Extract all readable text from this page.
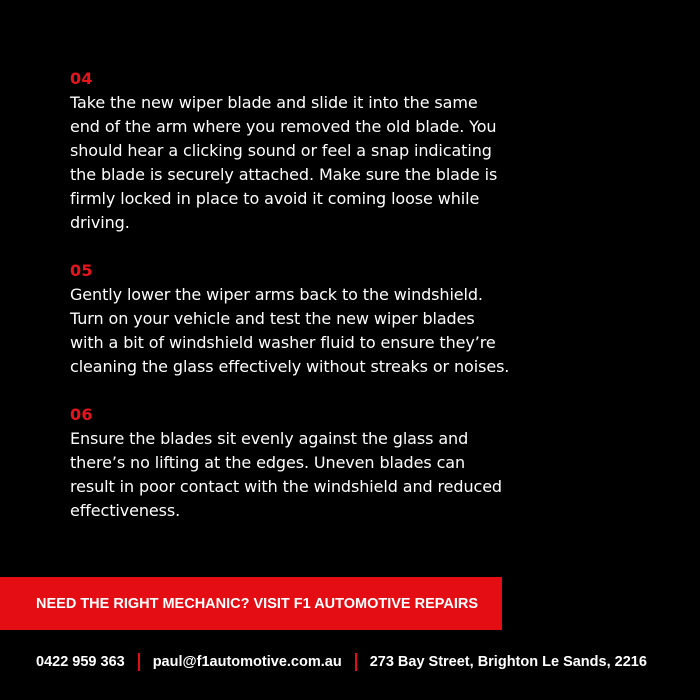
04
Take the new wiper blade and slide it into the same end of the arm where you removed the old blade. You should hear a clicking sound or feel a snap indicating the blade is securely attached. Make sure the blade is firmly locked in place to avoid it coming loose while driving.
05
Gently lower the wiper arms back to the windshield. Turn on your vehicle and test the new wiper blades with a bit of windshield washer fluid to ensure they’re cleaning the glass effectively without streaks or noises.
06
Ensure the blades sit evenly against the glass and there’s no lifting at the edges. Uneven blades can result in poor contact with the windshield and reduced effectiveness.
NEED THE RIGHT MECHANIC? VISIT F1 AUTOMOTIVE REPAIRS
0422 959 363 paul@f1automotive.com.au 273 Bay Street, Brighton Le Sands, 2216
